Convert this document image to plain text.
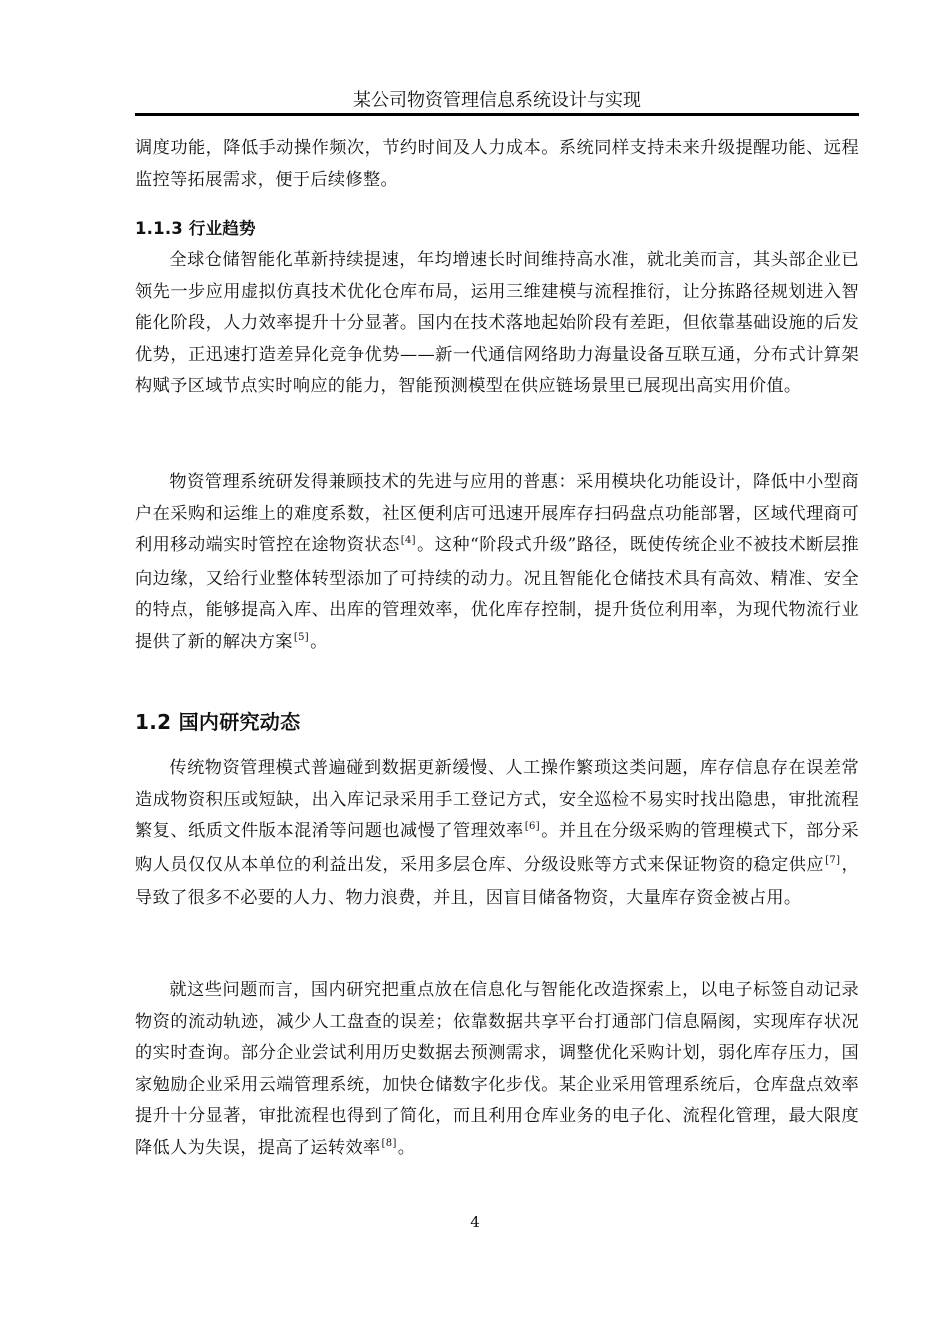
某公司物资管理信息系统设计与实现

调度功能，降低手动操作频次，节约时间及人力成本。系统同样支持未来升级提醒功能、远程监控等拓展需求，便于后续修整。

1.1.3 行业趋势

全球仓储智能化革新持续提速，年均增速长时间维持高水准，就北美而言，其头部企业已领先一步应用虚拟仿真技术优化仓库布局，运用三维建模与流程推衍，让分拣路径规划进入智能化阶段，人力效率提升十分显著。国内在技术落地起始阶段有差距，但依靠基础设施的后发优势，正迅速打造差异化竞争优势——新一代通信网络助力海量设备互联互通，分布式计算架构赋予区域节点实时响应的能力，智能预测模型在供应链场景里已展现出高实用价值。

物资管理系统研发得兼顾技术的先进与应用的普惠：采用模块化功能设计，降低中小型商户在采购和运维上的难度系数，社区便利店可迅速开展库存扫码盘点功能部署，区域代理商可利用移动端实时管控在途物资状态[4]。这种“阶段式升级”路径，既使传统企业不被技术断层推向边缘，又给行业整体转型添加了可持续的动力。况且智能化仓储技术具有高效、精准、安全的特点，能够提高入库、出库的管理效率，优化库存控制，提升货位利用率，为现代物流行业提供了新的解决方案[5]。

1.2 国内研究动态

传统物资管理模式普遍碰到数据更新缓慢、人工操作繁琐这类问题，库存信息存在误差常造成物资积压或短缺，出入库记录采用手工登记方式，安全巡检不易实时找出隐患，审批流程繁复、纸质文件版本混淆等问题也减慢了管理效率[6]。并且在分级采购的管理模式下，部分采购人员仅仅从本单位的利益出发，采用多层仓库、分级设账等方式来保证物资的稳定供应[7]，导致了很多不必要的人力、物力浪费，并且，因盲目储备物资，大量库存资金被占用。

就这些问题而言，国内研究把重点放在信息化与智能化改造探索上，以电子标签自动记录物资的流动轨迹，减少人工盘查的误差；依靠数据共享平台打通部门信息隔阂，实现库存状况的实时查询。部分企业尝试利用历史数据去预测需求，调整优化采购计划，弱化库存压力，国家勉励企业采用云端管理系统，加快仓储数字化步伐。某企业采用管理系统后，仓库盘点效率提升十分显著，审批流程也得到了简化，而且利用仓库业务的电子化、流程化管理，最大限度降低人为失误，提高了运转效率[8]。

4
